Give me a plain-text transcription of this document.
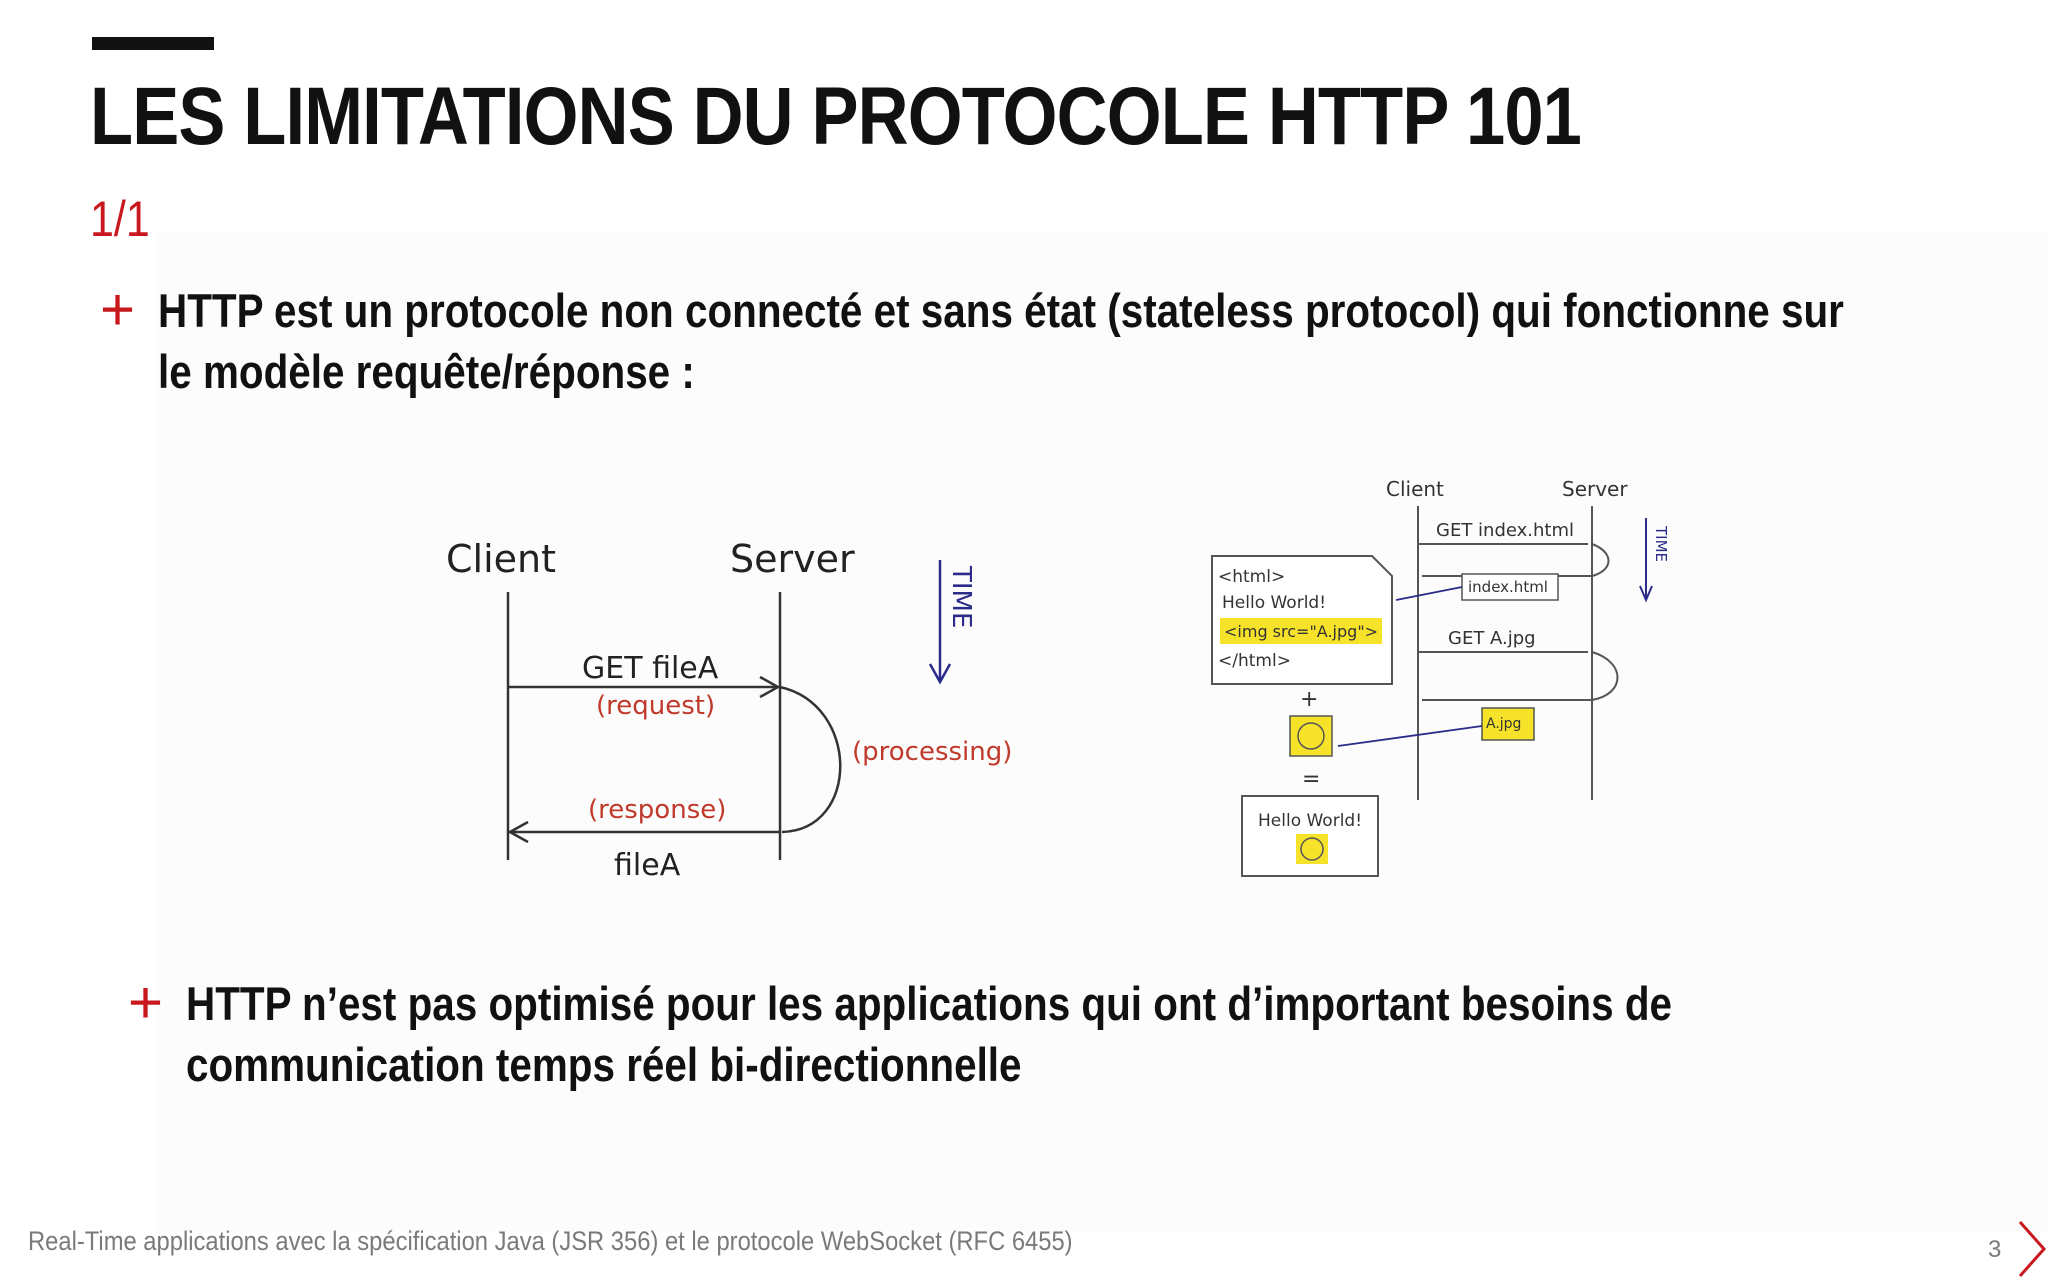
LES LIMITATIONS DU PROTOCOLE HTTP 101
1/1
+ HTTP est un protocole non connecté et sans état (stateless protocol) qui fonctionne sur le modèle requête/réponse :
Client	Server
GET fileA
(request)
(processing)
(response)
fileA
TIME
Client	Server
GET index.html
index.html
<html>
Hello World!
<img src="A.jpg">
</html>
GET A.jpg
A.jpg
+
=
Hello World!
TIME
+ HTTP n’est pas optimisé pour les applications qui ont d’important besoins de communication temps réel bi-directionnelle
Real-Time applications avec la spécification Java (JSR 356) et le protocole WebSocket (RFC 6455)	3
